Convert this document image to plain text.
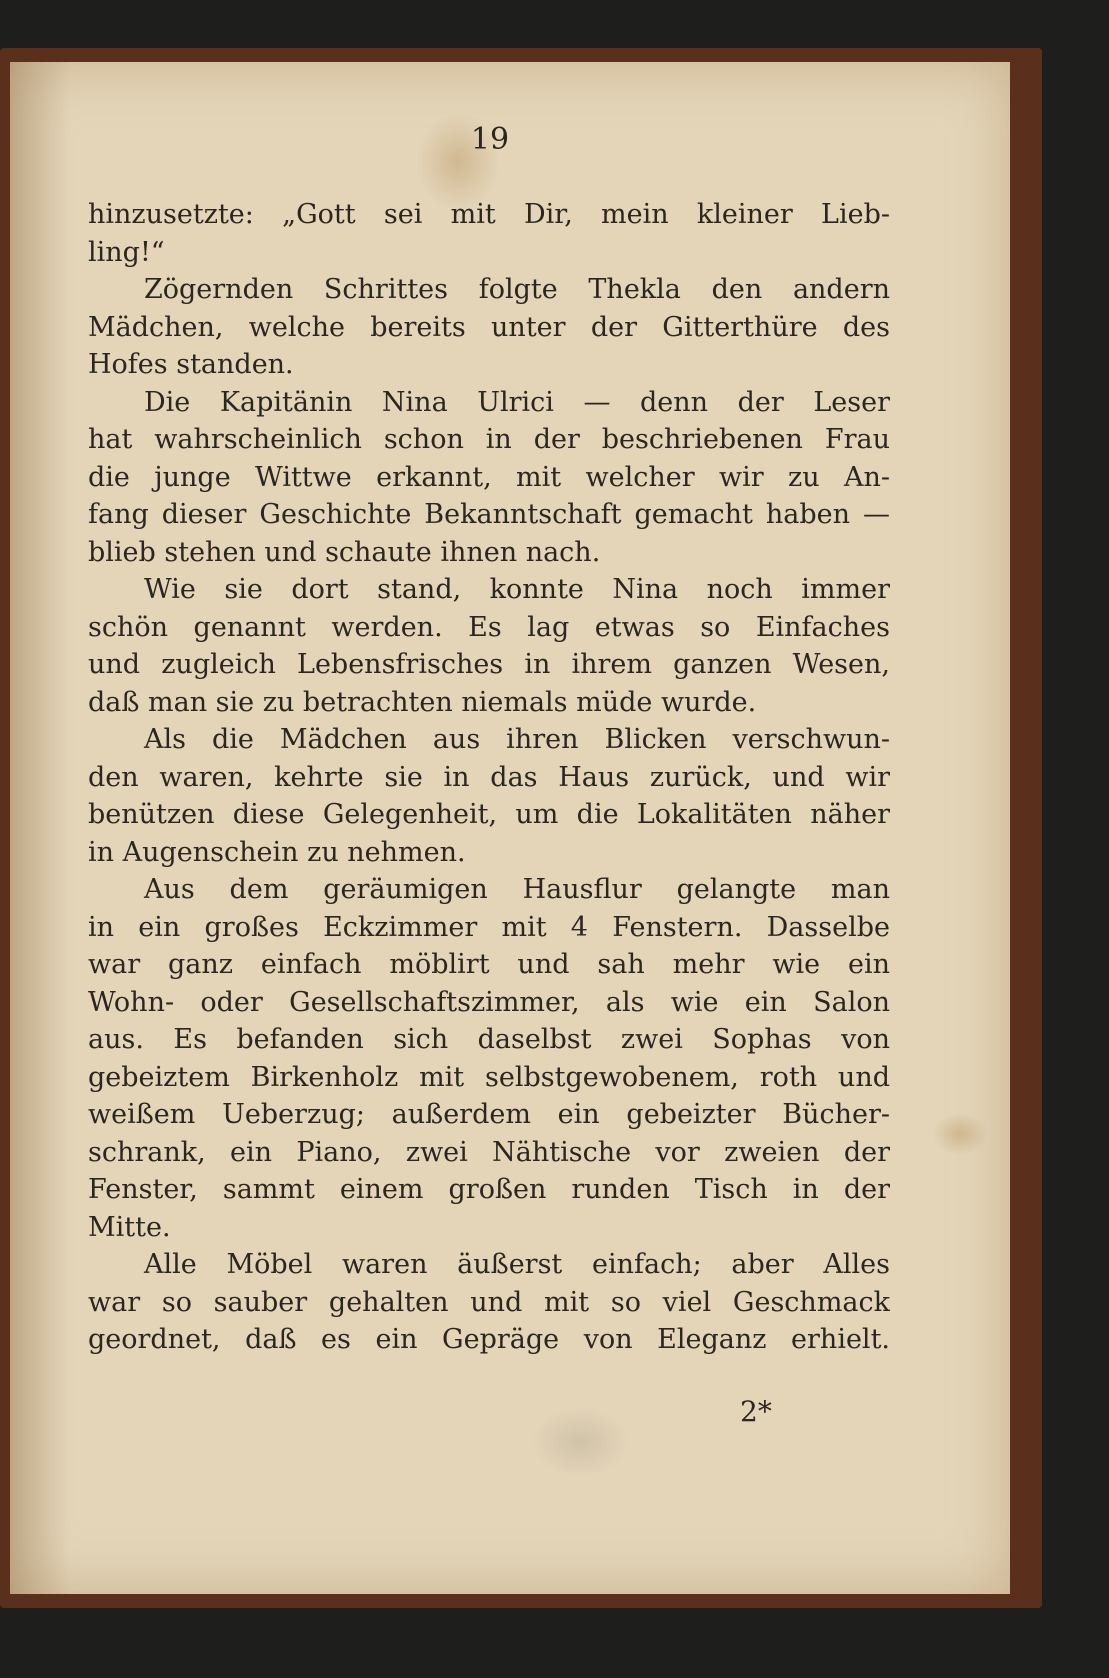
19
hinzusetzte: „Gott sei mit Dir, mein kleiner Lieb-
ling!“
Zögernden Schrittes folgte Thekla den andern
Mädchen, welche bereits unter der Gitterthüre des
Hofes standen.
Die Kapitänin Nina Ulrici — denn der Leser
hat wahrscheinlich schon in der beschriebenen Frau
die junge Wittwe erkannt, mit welcher wir zu An-
fang dieser Geschichte Bekanntschaft gemacht haben —
blieb stehen und schaute ihnen nach.
Wie sie dort stand, konnte Nina noch immer
schön genannt werden. Es lag etwas so Einfaches
und zugleich Lebensfrisches in ihrem ganzen Wesen,
daß man sie zu betrachten niemals müde wurde.
Als die Mädchen aus ihren Blicken verschwun-
den waren, kehrte sie in das Haus zurück, und wir
benützen diese Gelegenheit, um die Lokalitäten näher
in Augenschein zu nehmen.
Aus dem geräumigen Hausflur gelangte man
in ein großes Eckzimmer mit 4 Fenstern. Dasselbe
war ganz einfach möblirt und sah mehr wie ein
Wohn- oder Gesellschaftszimmer, als wie ein Salon
aus. Es befanden sich daselbst zwei Sophas von
gebeiztem Birkenholz mit selbstgewobenem, roth und
weißem Ueberzug; außerdem ein gebeizter Bücher-
schrank, ein Piano, zwei Nähtische vor zweien der
Fenster, sammt einem großen runden Tisch in der
Mitte.
Alle Möbel waren äußerst einfach; aber Alles
war so sauber gehalten und mit so viel Geschmack
geordnet, daß es ein Gepräge von Eleganz erhielt.
2*
